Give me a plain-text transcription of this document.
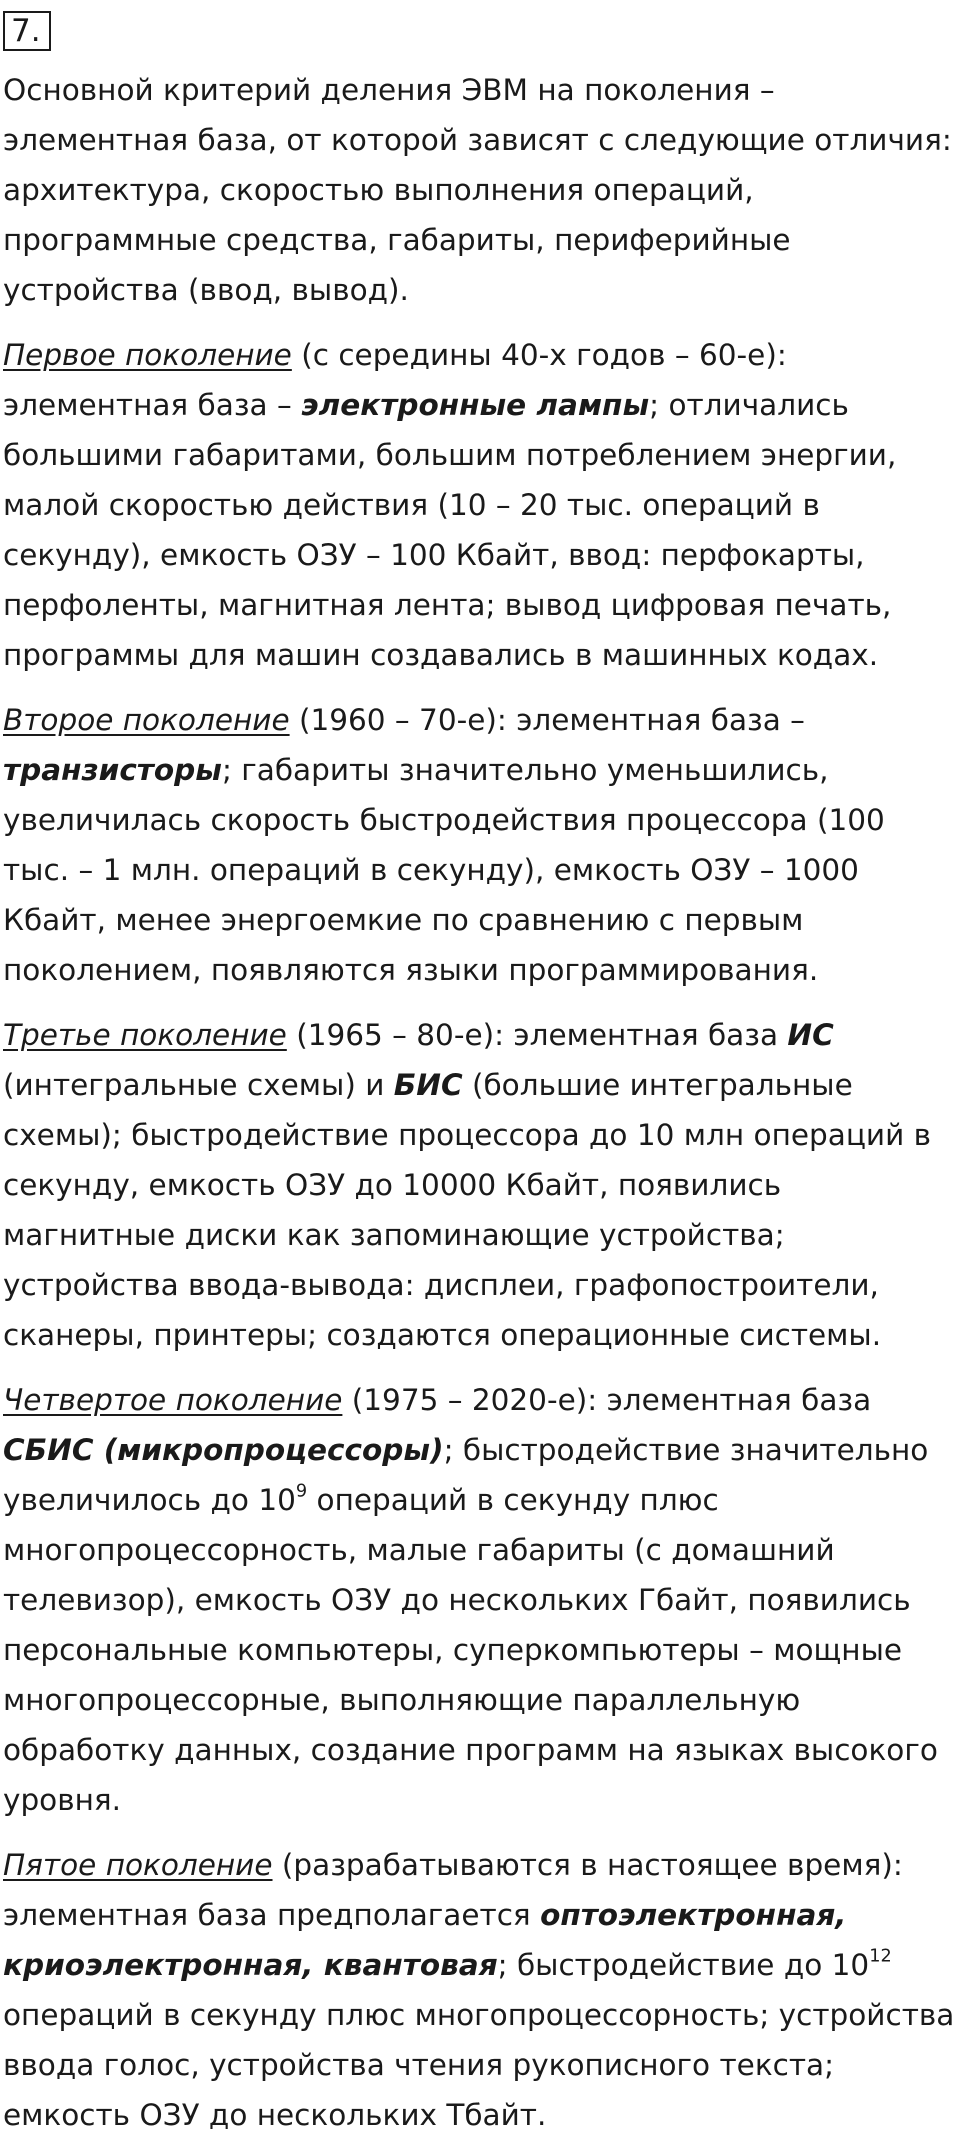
7.

Основной критерий деления ЭВМ на поколения – элементная база, от которой зависят с следующие отличия: архитектура, скоростью выполнения операций, программные средства, габариты, периферийные устройства (ввод, вывод).

Первое поколение (с середины 40-х годов – 60-е): элементная база – электронные лампы; отличались большими габаритами, большим потреблением энергии, малой скоростью действия (10 – 20 тыс. операций в секунду), емкость ОЗУ – 100 Кбайт, ввод: перфокарты, перфоленты, магнитная лента; вывод цифровая печать, программы для машин создавались в машинных кодах.

Второе поколение (1960 – 70-е): элементная база – транзисторы; габариты значительно уменьшились, увеличилась скорость быстродействия процессора (100 тыс. – 1 млн. операций в секунду), емкость ОЗУ – 1000 Кбайт, менее энергоемкие по сравнению с первым поколением, появляются языки программирования.

Третье поколение (1965 – 80-е): элементная база ИС (интегральные схемы) и БИС (большие интегральные схемы); быстродействие процессора до 10 млн операций в секунду, емкость ОЗУ до 10000 Кбайт, появились магнитные диски как запоминающие устройства; устройства ввода-вывода: дисплеи, графопостроители, сканеры, принтеры; создаются операционные системы.

Четвертое поколение (1975 – 2020-е): элементная база СБИС (микропроцессоры); быстродействие значительно увеличилось до $10^9$ операций в секунду плюс многопроцессорность, малые габариты (с домашний телевизор), емкость ОЗУ до нескольких Гбайт, появились персональные компьютеры, суперкомпьютеры – мощные многопроцессорные, выполняющие параллельную обработку данных, создание программ на языках высокого уровня.

Пятое поколение (разрабатываются в настоящее время): элементная база предполагается оптоэлектронная, криоэлектронная, квантовая; быстродействие до $10^{12}$ операций в секунду плюс многопроцессорность; устройства ввода голос, устройства чтения рукописного текста; емкость ОЗУ до нескольких Тбайт.
